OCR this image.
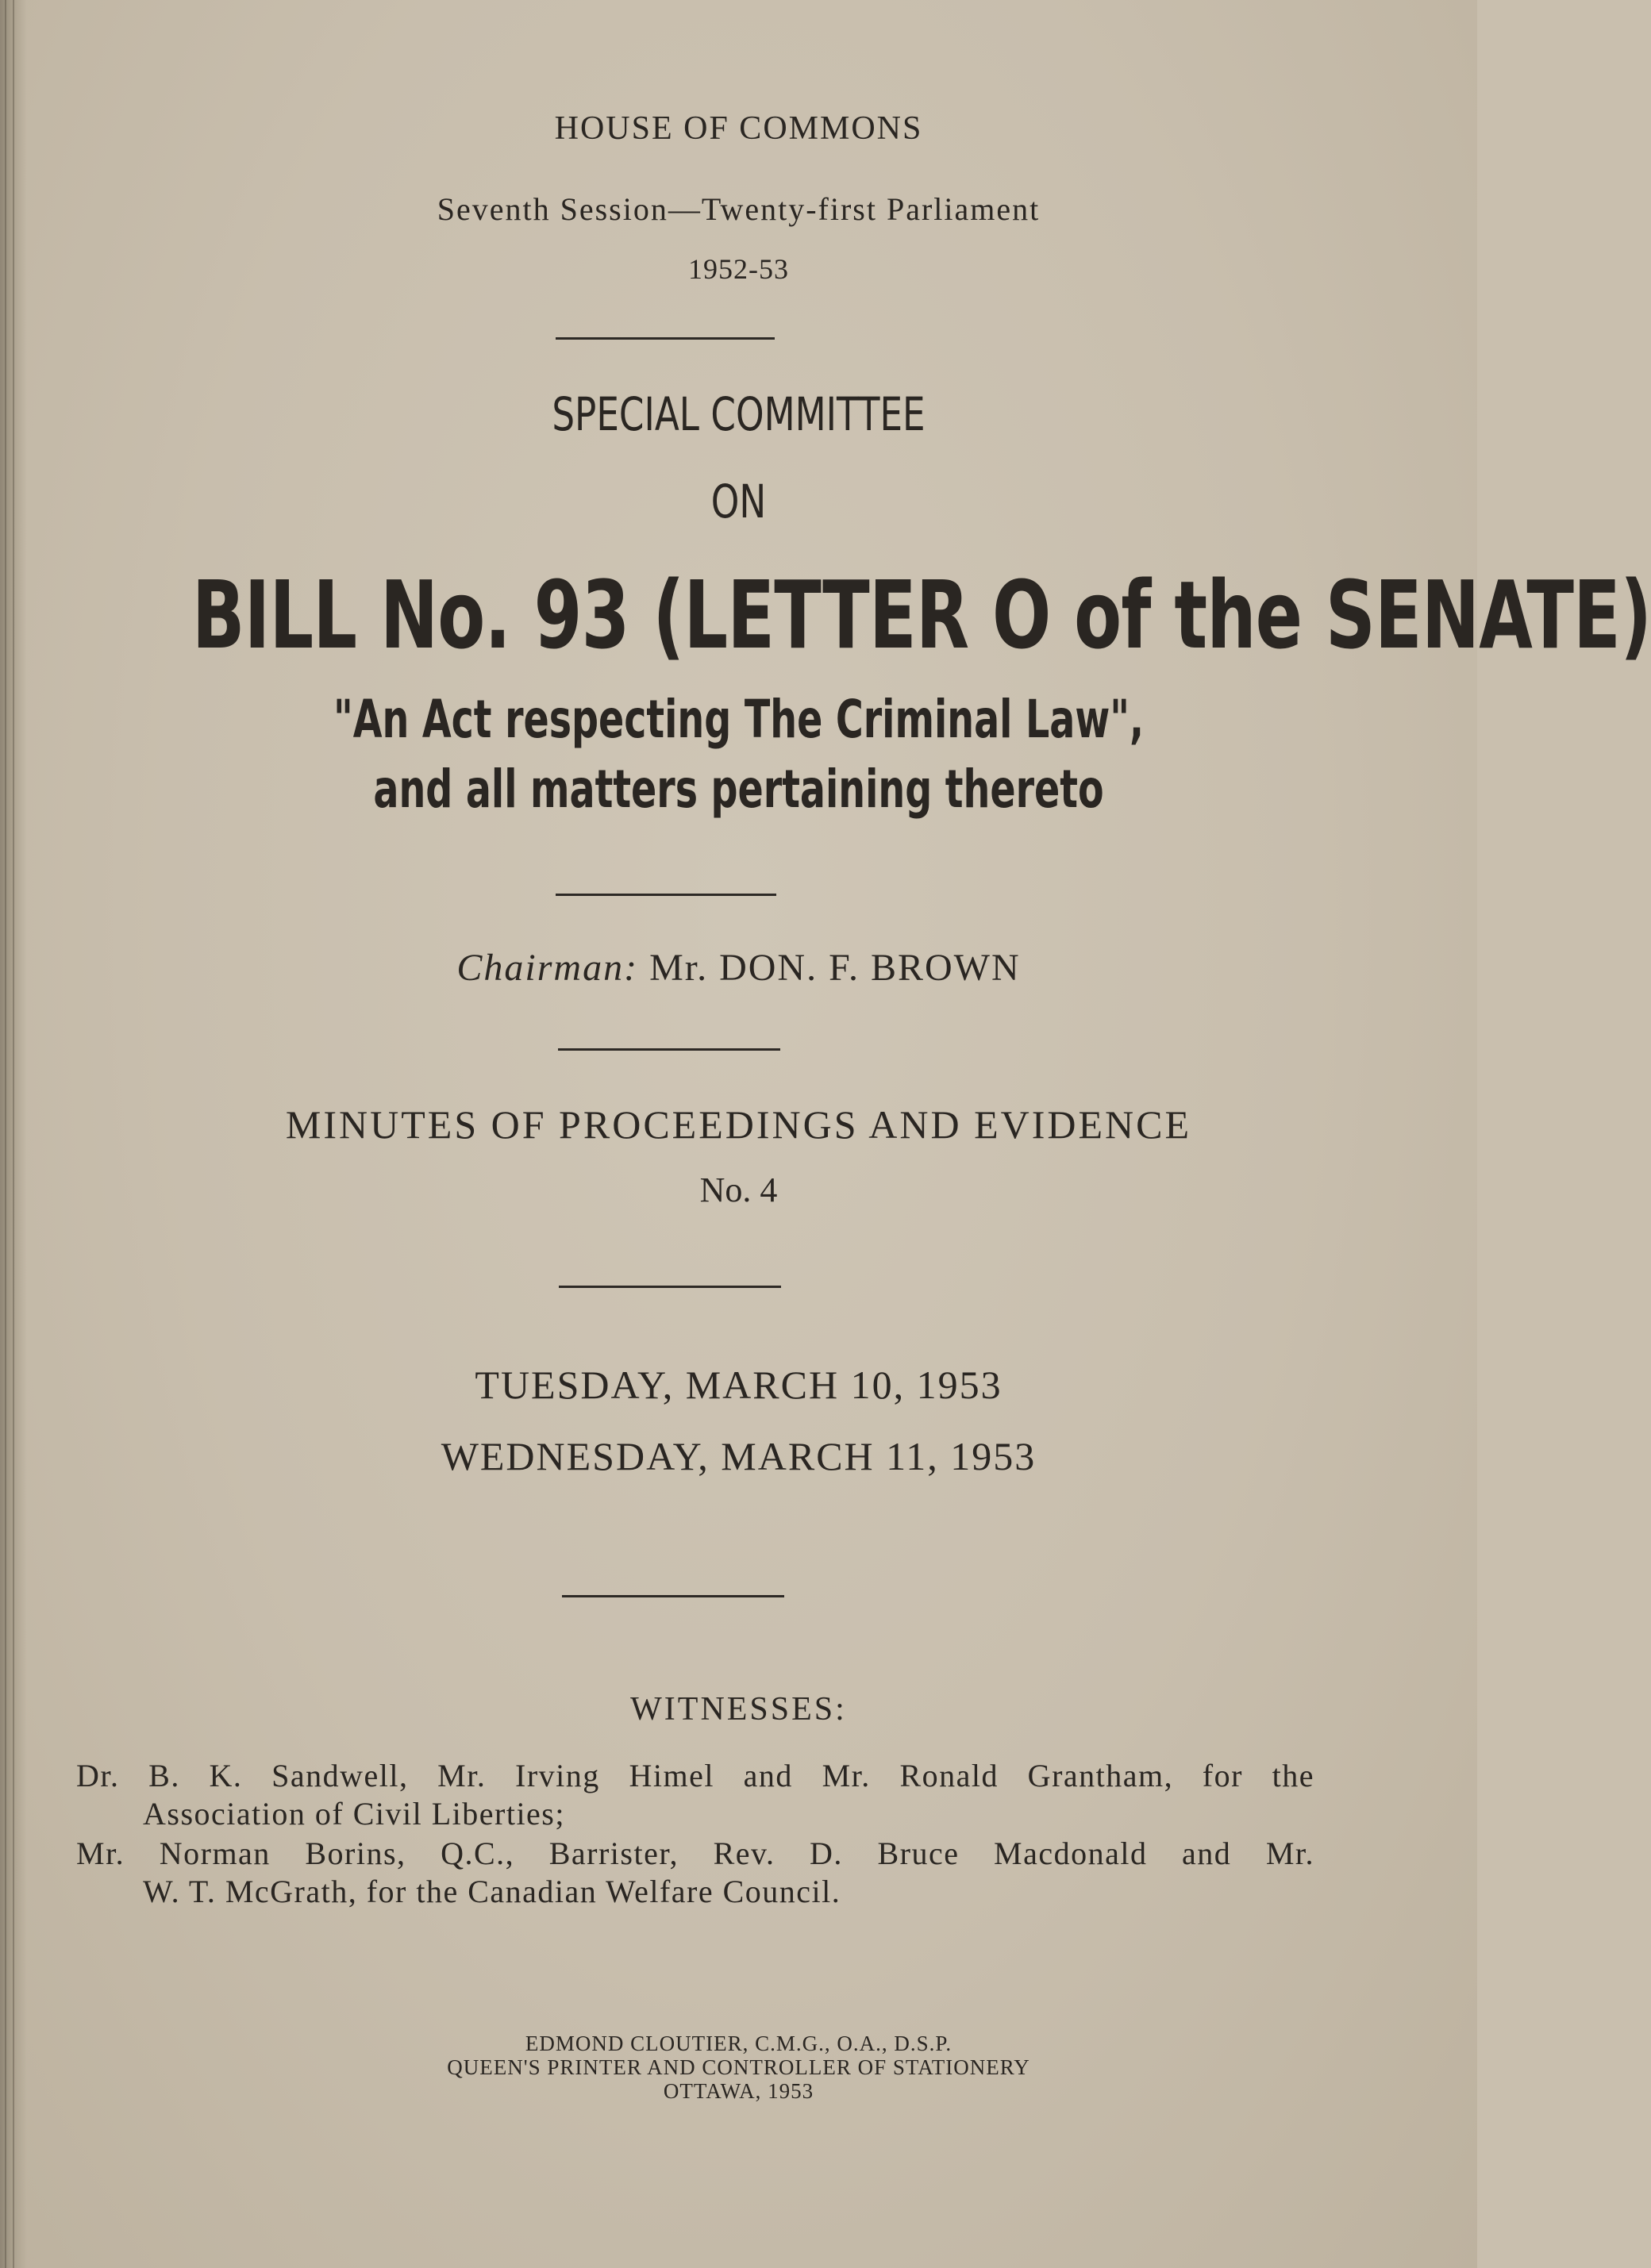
HOUSE OF COMMONS
Seventh Session—Twenty-first Parliament
1952-53
SPECIAL COMMITTEE
ON
BILL No. 93 (LETTER O of the SENATE)
"An Act respecting The Criminal Law",
and all matters pertaining thereto
Chairman: Mr. DON. F. BROWN
MINUTES OF PROCEEDINGS AND EVIDENCE
No. 4
TUESDAY, MARCH 10, 1953
WEDNESDAY, MARCH 11, 1953
WITNESSES:
Dr. B. K. Sandwell, Mr. Irving Himel and Mr. Ronald Grantham, for the
Association of Civil Liberties;
Mr. Norman Borins, Q.C., Barrister, Rev. D. Bruce Macdonald and Mr.
W. T. McGrath, for the Canadian Welfare Council.
EDMOND CLOUTIER, C.M.G., O.A., D.S.P.
QUEEN'S PRINTER AND CONTROLLER OF STATIONERY
OTTAWA, 1953
